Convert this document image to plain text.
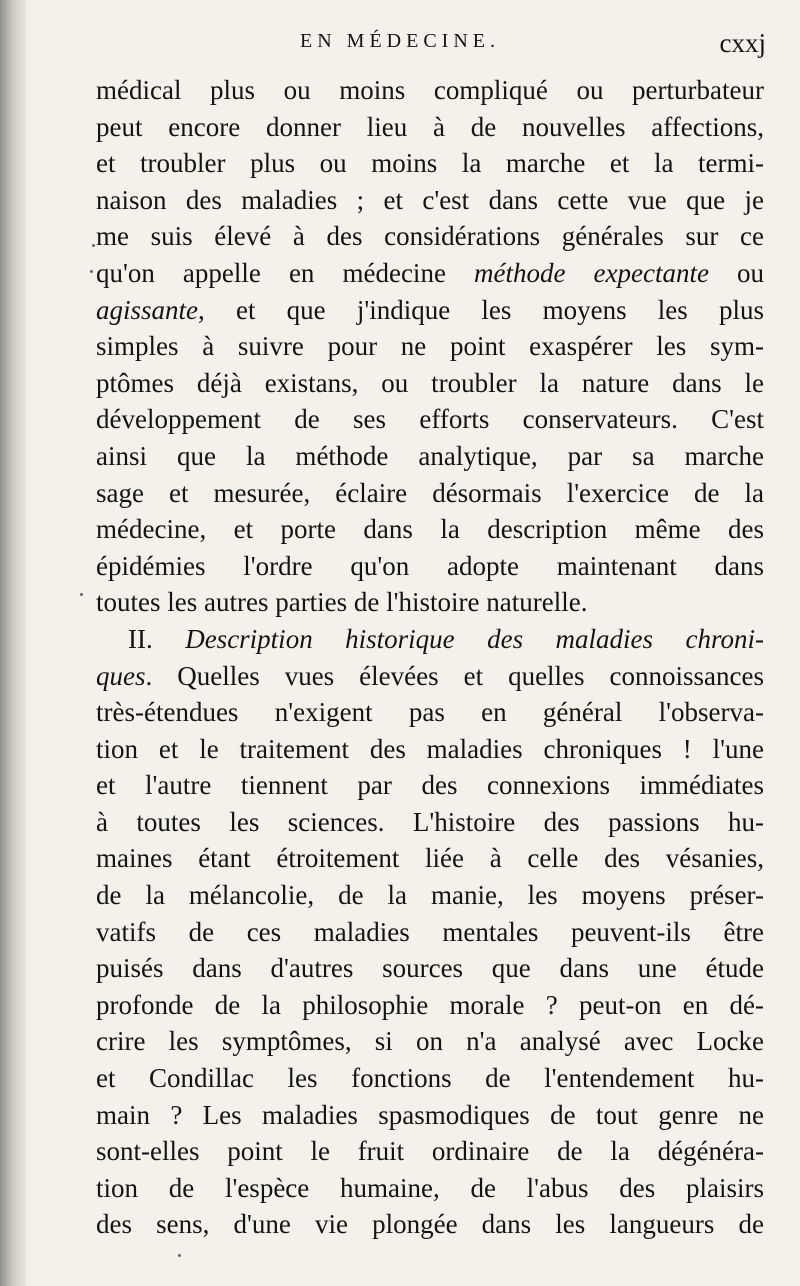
EN MÉDECINE.	cxxj
médical plus ou moins compliqué ou perturbateur
peut encore donner lieu à de nouvelles affections,
et troubler plus ou moins la marche et la termi-
naison des maladies ; et c'est dans cette vue que je
me suis élevé à des considérations générales sur ce
qu'on appelle en médecine méthode expectante ou
agissante, et que j'indique les moyens les plus
simples à suivre pour ne point exaspérer les sym-
ptômes déjà existans, ou troubler la nature dans le
développement de ses efforts conservateurs. C'est
ainsi que la méthode analytique, par sa marche
sage et mesurée, éclaire désormais l'exercice de la
médecine, et porte dans la description même des
épidémies l'ordre qu'on adopte maintenant dans
toutes les autres parties de l'histoire naturelle.
II. Description historique des maladies chroni-
ques. Quelles vues élevées et quelles connoissances
très-étendues n'exigent pas en général l'observa-
tion et le traitement des maladies chroniques ! l'une
et l'autre tiennent par des connexions immédiates
à toutes les sciences. L'histoire des passions hu-
maines étant étroitement liée à celle des vésanies,
de la mélancolie, de la manie, les moyens préser-
vatifs de ces maladies mentales peuvent-ils être
puisés dans d'autres sources que dans une étude
profonde de la philosophie morale ? peut-on en dé-
crire les symptômes, si on n'a analysé avec Locke
et Condillac les fonctions de l'entendement hu-
main ? Les maladies spasmodiques de tout genre ne
sont-elles point le fruit ordinaire de la dégénéra-
tion de l'espèce humaine, de l'abus des plaisirs
des sens, d'une vie plongée dans les langueurs de
